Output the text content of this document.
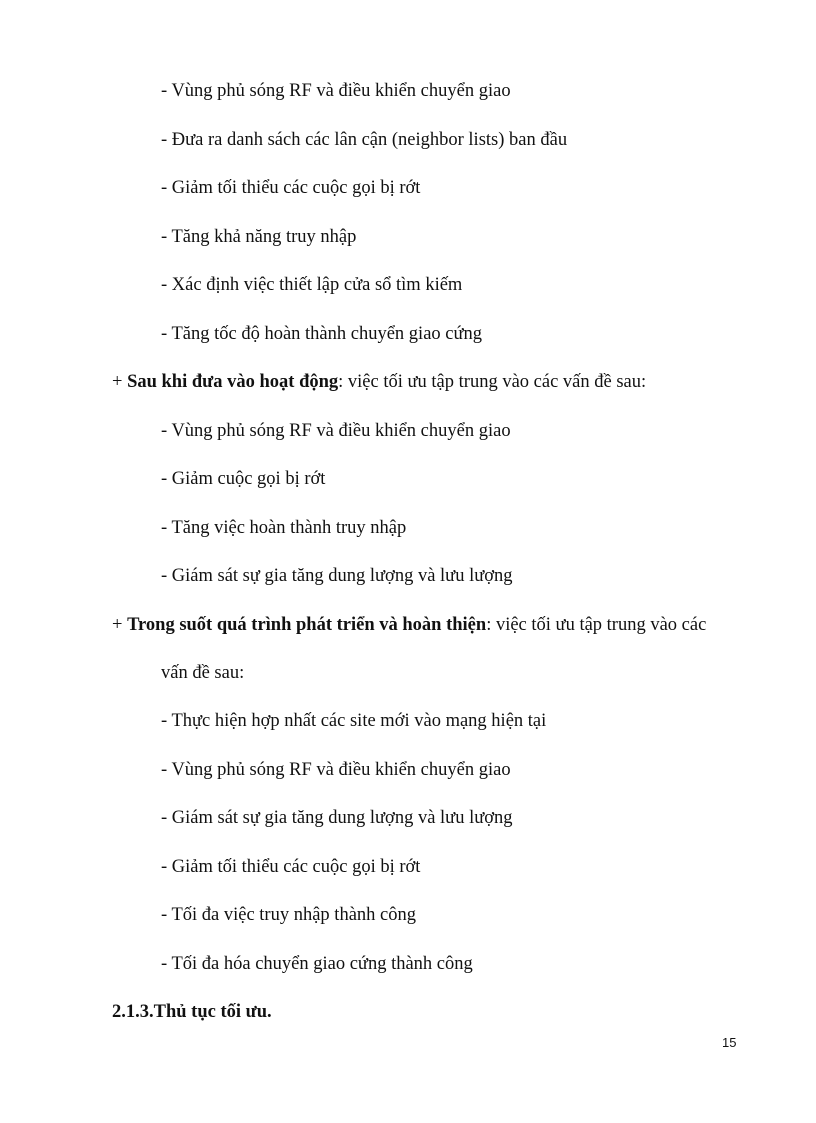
- Vùng phủ sóng RF và điều khiển chuyển giao
- Đưa ra danh sách các lân cận (neighbor lists) ban đầu
- Giảm tối thiểu các cuộc gọi bị rớt
- Tăng khả năng truy nhập
- Xác định việc thiết lập cửa sổ tìm kiếm
- Tăng tốc độ hoàn thành chuyển giao cứng
+ Sau khi đưa vào hoạt động: việc tối ưu tập trung vào các vấn đề sau:
- Vùng phủ sóng RF và điều khiển chuyển giao
- Giảm cuộc gọi bị rớt
- Tăng việc hoàn thành truy nhập
- Giám sát sự gia tăng dung lượng và lưu lượng
+ Trong suốt quá trình phát triển và hoàn thiện: việc tối ưu tập trung vào các
vấn đề sau:
- Thực hiện hợp nhất các site mới vào mạng hiện tại
- Vùng phủ sóng RF và điều khiển chuyển giao
- Giám sát sự gia tăng dung lượng và lưu lượng
- Giảm tối thiểu các cuộc gọi bị rớt
- Tối đa việc truy nhập thành công
- Tối đa hóa chuyển giao cứng thành công
2.1.3.Thủ tục tối ưu.
15
